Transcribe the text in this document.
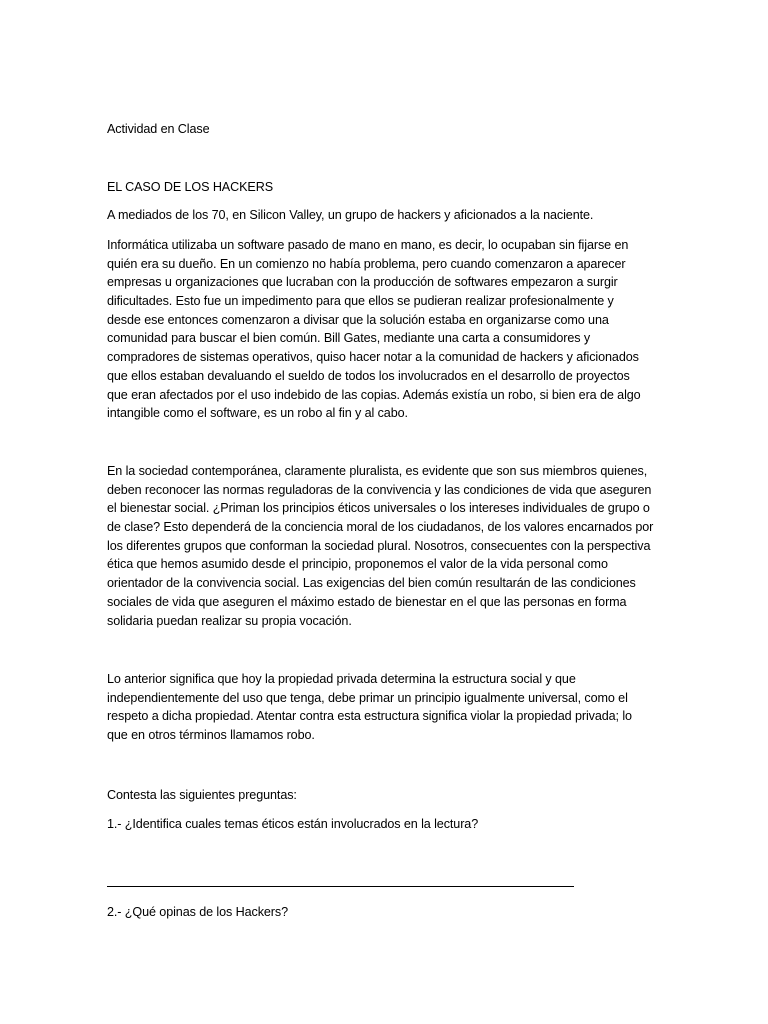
Actividad en Clase

EL CASO DE LOS HACKERS

A mediados de los 70, en Silicon Valley, un grupo de hackers y aficionados a la naciente.

Informática utilizaba un software pasado de mano en mano, es decir, lo ocupaban sin fijarse en
quién era su dueño. En un comienzo no había problema, pero cuando comenzaron a aparecer
empresas u organizaciones que lucraban con la producción de softwares empezaron a surgir
dificultades. Esto fue un impedimento para que ellos se pudieran realizar profesionalmente y
desde ese entonces comenzaron a divisar que la solución estaba en organizarse como una
comunidad para buscar el bien común. Bill Gates, mediante una carta a consumidores y
compradores de sistemas operativos, quiso hacer notar a la comunidad de hackers y aficionados
que ellos estaban devaluando el sueldo de todos los involucrados en el desarrollo de proyectos
que eran afectados por el uso indebido de las copias. Además existía un robo, si bien era de algo
intangible como el software, es un robo al fin y al cabo.
En la sociedad contemporánea, claramente pluralista, es evidente que son sus miembros quienes,
deben reconocer las normas reguladoras de la convivencia y las condiciones de vida que aseguren
el bienestar social. ¿Priman los principios éticos universales o los intereses individuales de grupo o
de clase? Esto dependerá de la conciencia moral de los ciudadanos, de los valores encarnados por
los diferentes grupos que conforman la sociedad plural. Nosotros, consecuentes con la perspectiva
ética que hemos asumido desde el principio, proponemos el valor de la vida personal como
orientador de la convivencia social. Las exigencias del bien común resultarán de las condiciones
sociales de vida que aseguren el máximo estado de bienestar en el que las personas en forma
solidaria puedan realizar su propia vocación.
Lo anterior significa que hoy la propiedad privada determina la estructura social y que
independientemente del uso que tenga, debe primar un principio igualmente universal, como el
respeto a dicha propiedad. Atentar contra esta estructura significa violar la propiedad privada; lo
que en otros términos llamamos robo.

Contesta las siguientes preguntas:

1.- ¿Identifica cuales temas éticos están involucrados en la lectura?

2.- ¿Qué opinas de los Hackers?
